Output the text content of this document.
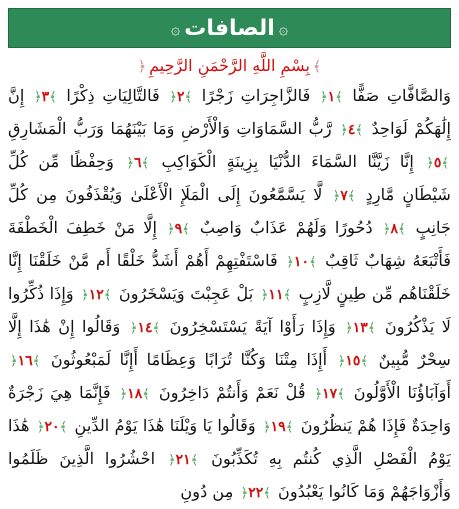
۞ الصافات ۞
﴾بِسْمِ اللَّهِ الرَّحْمَنِ الرَّحِيمِ﴿
وَالصَّافَّاتِ صَفًّا ﴾١﴿ فَالزَّاجِرَاتِ زَجْرًا ﴾٢﴿ فَالتَّالِيَاتِ ذِكْرًا ﴾٣﴿ إِنَّ إِلَٰهَكُمْ لَوَاحِدٌ ﴾٤﴿ رَّبُّ السَّمَاوَاتِ وَالْأَرْضِ وَمَا بَيْنَهُمَا وَرَبُّ الْمَشَارِقِ ﴾٥﴿ إِنَّا زَيَّنَّا السَّمَاءَ الدُّنْيَا بِزِينَةٍ الْكَوَاكِبِ ﴾٦﴿ وَحِفْظًا مِّن كُلِّ شَيْطَانٍ مَّارِدٍ ﴾٧﴿ لَّا يَسَّمَّعُونَ إِلَى الْمَلَإِ الْأَعْلَىٰ وَيُقْذَفُونَ مِن كُلِّ جَانِبٍ ﴾٨﴿ دُحُورًا وَلَهُمْ عَذَابٌ وَاصِبٌ ﴾٩﴿ إِلَّا مَنْ خَطِفَ الْخَطْفَةَ فَأَتْبَعَهُ شِهَابٌ ثَاقِبٌ ﴾١٠﴿ فَاسْتَفْتِهِمْ أَهُمْ أَشَدُّ خَلْقًا أَم مَّنْ خَلَقْنَا إِنَّا خَلَقْنَاهُم مِّن طِينٍ لَّازِبٍ ﴾١١﴿ بَلْ عَجِبْتَ وَيَسْخَرُونَ ﴾١٢﴿ وَإِذَا ذُكِّرُوا لَا يَذْكُرُونَ ﴾١٣﴿ وَإِذَا رَأَوْا آيَةً يَسْتَسْخِرُونَ ﴾١٤﴿ وَقَالُوا إِنْ هَٰذَا إِلَّا سِحْرٌ مُّبِينٌ ﴾١٥﴿ أَإِذَا مِتْنَا وَكُنَّا تُرَابًا وَعِظَامًا أَإِنَّا لَمَبْعُوثُونَ ﴾١٦﴿ أَوَآبَاؤُنَا الْأَوَّلُونَ ﴾١٧﴿ قُلْ نَعَمْ وَأَنتُمْ دَاخِرُونَ ﴾١٨﴿ فَإِنَّمَا هِيَ زَجْرَةٌ وَاحِدَةٌ فَإِذَا هُمْ يَنظُرُونَ ﴾١٩﴿ وَقَالُوا يَا وَيْلَنَا هَٰذَا يَوْمُ الدِّينِ ﴾٢٠﴿ هَٰذَا يَوْمُ الْفَصْلِ الَّذِي كُنتُم بِهِ تُكَذِّبُونَ ﴾٢١﴿ احْشُرُوا الَّذِينَ ظَلَمُوا وَأَزْوَاجَهُمْ وَمَا كَانُوا يَعْبُدُونَ ﴾٢٢﴿ مِن دُونِ
